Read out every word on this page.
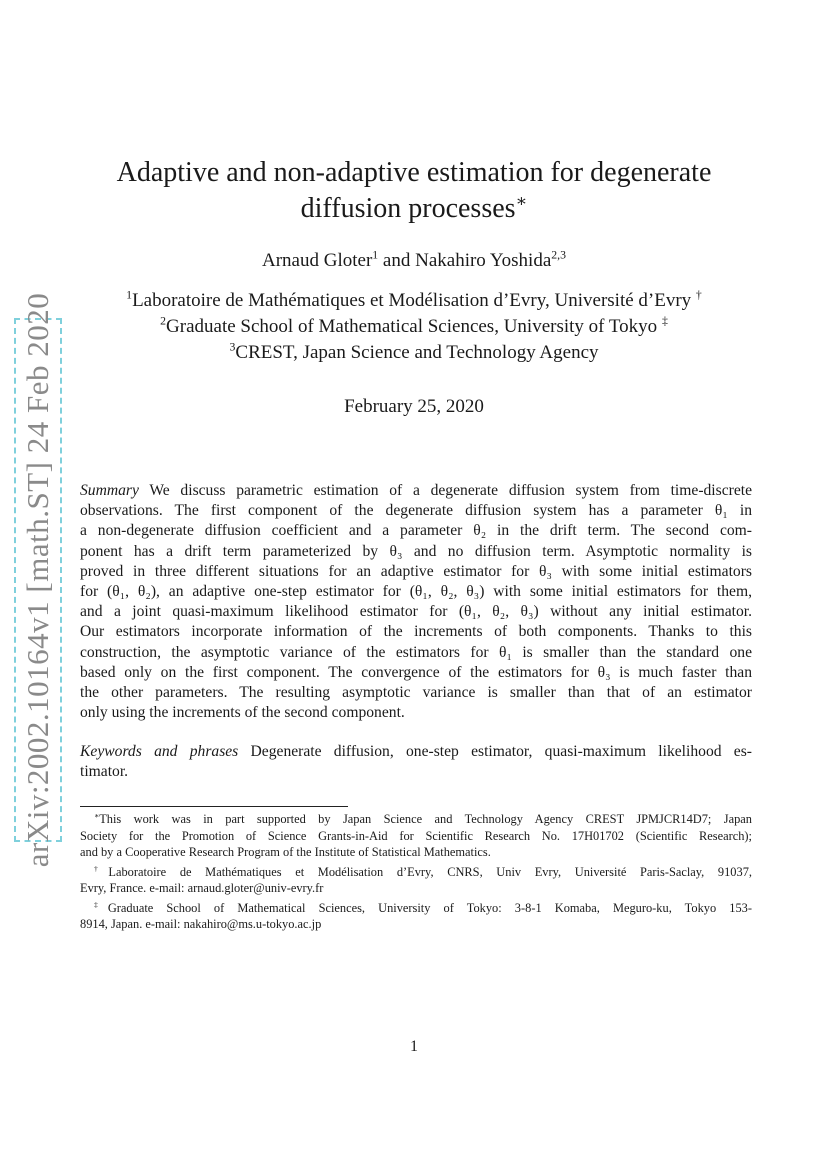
arXiv:2002.10164v1 [math.ST] 24 Feb 2020
Adaptive and non-adaptive estimation for degenerate
diffusion processes∗
Arnaud Gloter$^1$ and Nakahiro Yoshida$^{2,3}$
$^1$Laboratoire de Mathématiques et Modélisation d’Evry, Université d’Evry †
$^2$Graduate School of Mathematical Sciences, University of Tokyo ‡
$^3$CREST, Japan Science and Technology Agency
February 25, 2020
Summary We discuss parametric estimation of a degenerate diffusion system from time-discrete
observations. The first component of the degenerate diffusion system has a parameter θ₁ in
a non-degenerate diffusion coefficient and a parameter θ₂ in the drift term. The second com-
ponent has a drift term parameterized by θ₃ and no diffusion term. Asymptotic normality is
proved in three different situations for an adaptive estimator for θ₃ with some initial estimators
for (θ₁, θ₂), an adaptive one-step estimator for (θ₁, θ₂, θ₃) with some initial estimators for them,
and a joint quasi-maximum likelihood estimator for (θ₁, θ₂, θ₃) without any initial estimator.
Our estimators incorporate information of the increments of both components. Thanks to this
construction, the asymptotic variance of the estimators for θ₁ is smaller than the standard one
based only on the first component. The convergence of the estimators for θ₃ is much faster than
the other parameters. The resulting asymptotic variance is smaller than that of an estimator
only using the increments of the second component.
Keywords and phrases Degenerate diffusion, one-step estimator, quasi-maximum likelihood es-
timator.
∗This work was in part supported by Japan Science and Technology Agency CREST JPMJCR14D7; Japan
Society for the Promotion of Science Grants-in-Aid for Scientific Research No. 17H01702 (Scientific Research);
and by a Cooperative Research Program of the Institute of Statistical Mathematics.
†Laboratoire de Mathématiques et Modélisation d’Evry, CNRS, Univ Evry, Université Paris-Saclay, 91037,
Evry, France. e-mail: arnaud.gloter@univ-evry.fr
‡Graduate School of Mathematical Sciences, University of Tokyo: 3-8-1 Komaba, Meguro-ku, Tokyo 153-
8914, Japan. e-mail: nakahiro@ms.u-tokyo.ac.jp
1
